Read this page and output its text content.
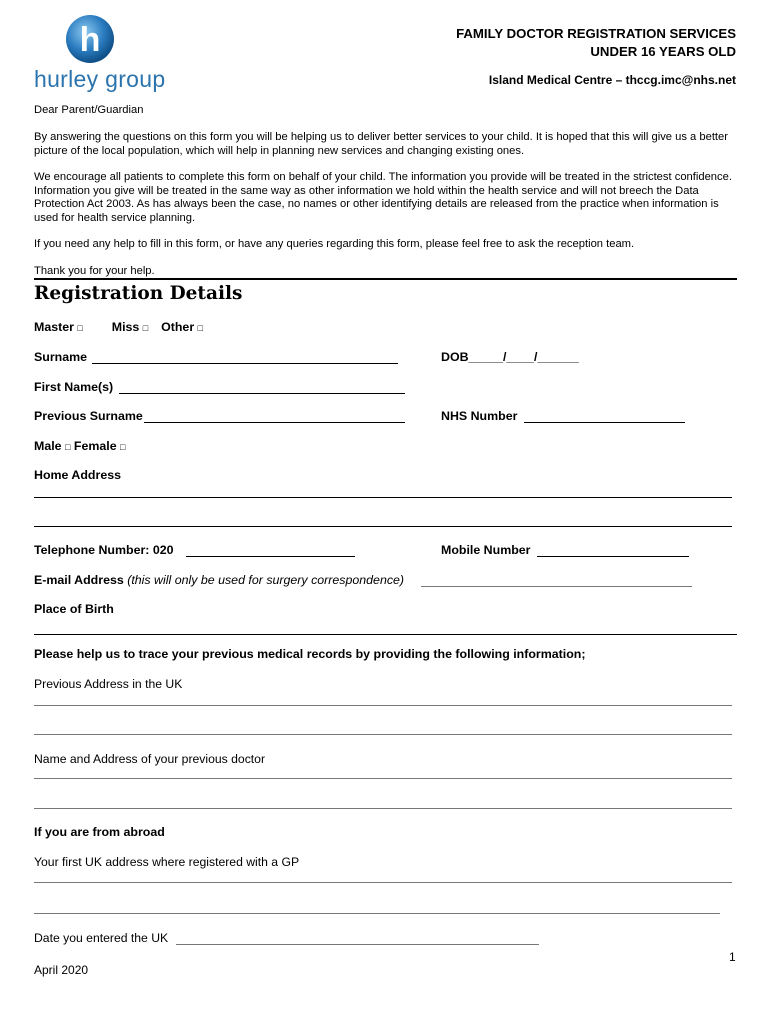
h
hurley group
FAMILY DOCTOR REGISTRATION SERVICES
UNDER 16 YEARS OLD
Island Medical Centre – thccg.imc@nhs.net
Dear Parent/Guardian
By answering the questions on this form you will be helping us to deliver better services to your child. It is hoped that this will give us a better picture of the local population, which will help in planning new services and changing existing ones.
We encourage all patients to complete this form on behalf of your child. The information you provide will be treated in the strictest confidence. Information you give will be treated in the same way as other information we hold within the health service and will not breech the Data Protection Act 2003. As has always been the case, no names or other identifying details are released from the practice when information is used for health service planning.
If you need any help to fill in this form, or have any queries regarding this form, please feel free to ask the reception team.
Thank you for your help.
Registration Details
Master □ Miss □ Other □
Surname	DOB_____/____/______
First Name(s)
Previous Surname	NHS Number
Male □ Female □
Home Address
Telephone Number: 020	Mobile Number
E-mail Address (this will only be used for surgery correspondence)
Place of Birth
Please help us to trace your previous medical records by providing the following information;
Previous Address in the UK
Name and Address of your previous doctor
If you are from abroad
Your first UK address where registered with a GP
Date you entered the UK
1
April 2020
